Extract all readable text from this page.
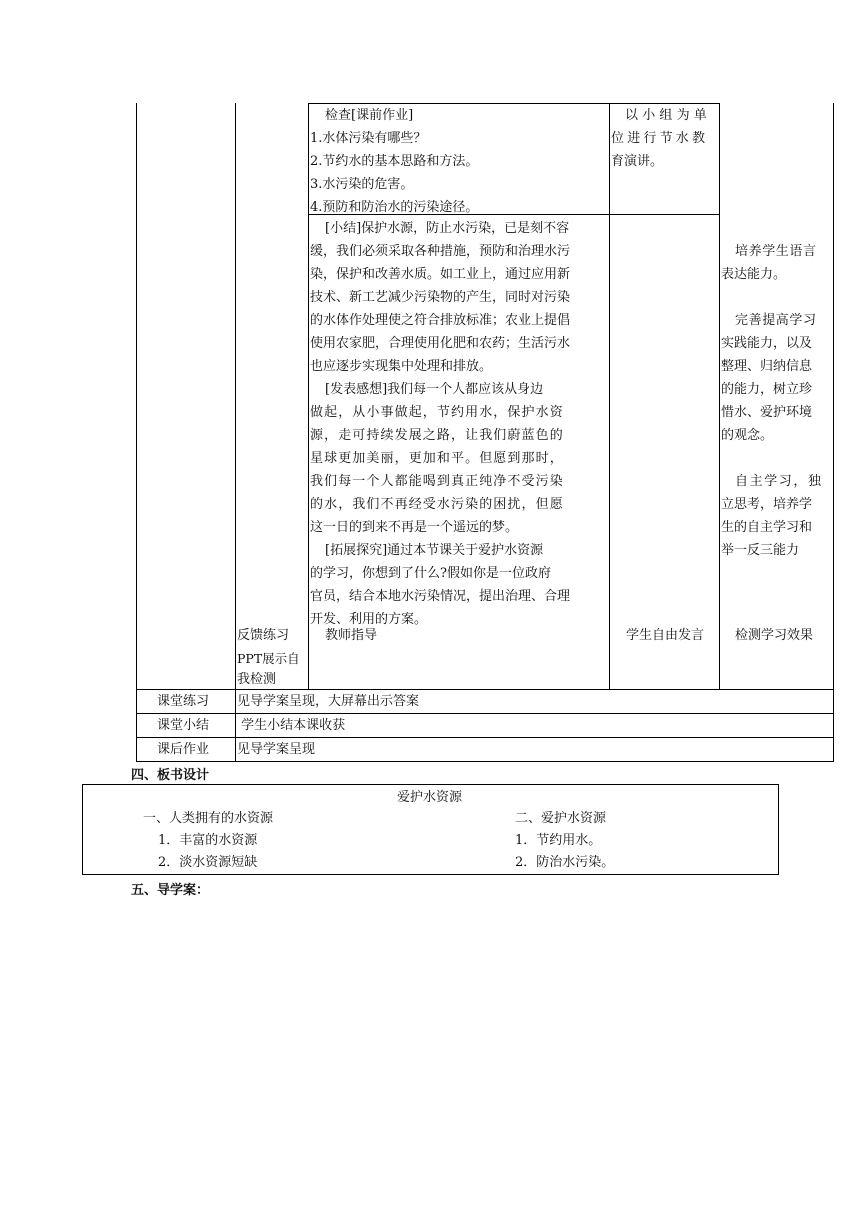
检查[课前作业]
1.水体污染有哪些？
2.节约水的基本思路和方法。
3.水污染的危害。
4.预防和防治水的污染途径。
以小组为单
位进行节水教
育演讲。
[小结]保护水源，防止水污染，已是刻不容
缓，我们必须采取各种措施，预防和治理水污
染，保护和改善水质。如工业上，通过应用新
技术、新工艺减少污染物的产生，同时对污染
的水体作处理使之符合排放标准；农业上提倡
使用农家肥，合理使用化肥和农药；生活污水
也应逐步实现集中处理和排放。
[发表感想]我们每一个人都应该从身边
做起，从小事做起，节约用水，保护水资
源，走可持续发展之路，让我们蔚蓝色的
星球更加美丽，更加和平。但愿到那时，
我们每一个人都能喝到真正纯净不受污染
的水，我们不再经受水污染的困扰，但愿
这一日的到来不再是一个遥远的梦。
[拓展探究]通过本节课关于爱护水资源
的学习，你想到了什么?假如你是一位政府
官员，结合本地水污染情况，提出治理、合理
开发、利用的方案。
培养学生语言
表达能力。
完善提高学习
实践能力，以及
整理、归纳信息
的能力，树立珍
惜水、爱护环境
的观念。
自主学习，独
立思考，培养学
生的自主学习和
举一反三能力
反馈练习
PPT展示自
我检测
教师指导	学生自由发言 检测学习效果
课堂练习 见导学案呈现，大屏幕出示答案
课堂小结 学生小结本课收获
课后作业 见导学案呈现
四、板书设计
爱护水资源
一、人类拥有的水资源
1．丰富的水资源
2．淡水资源短缺
二、爱护水资源
1．节约用水。
2．防治水污染。
五、导学案：
